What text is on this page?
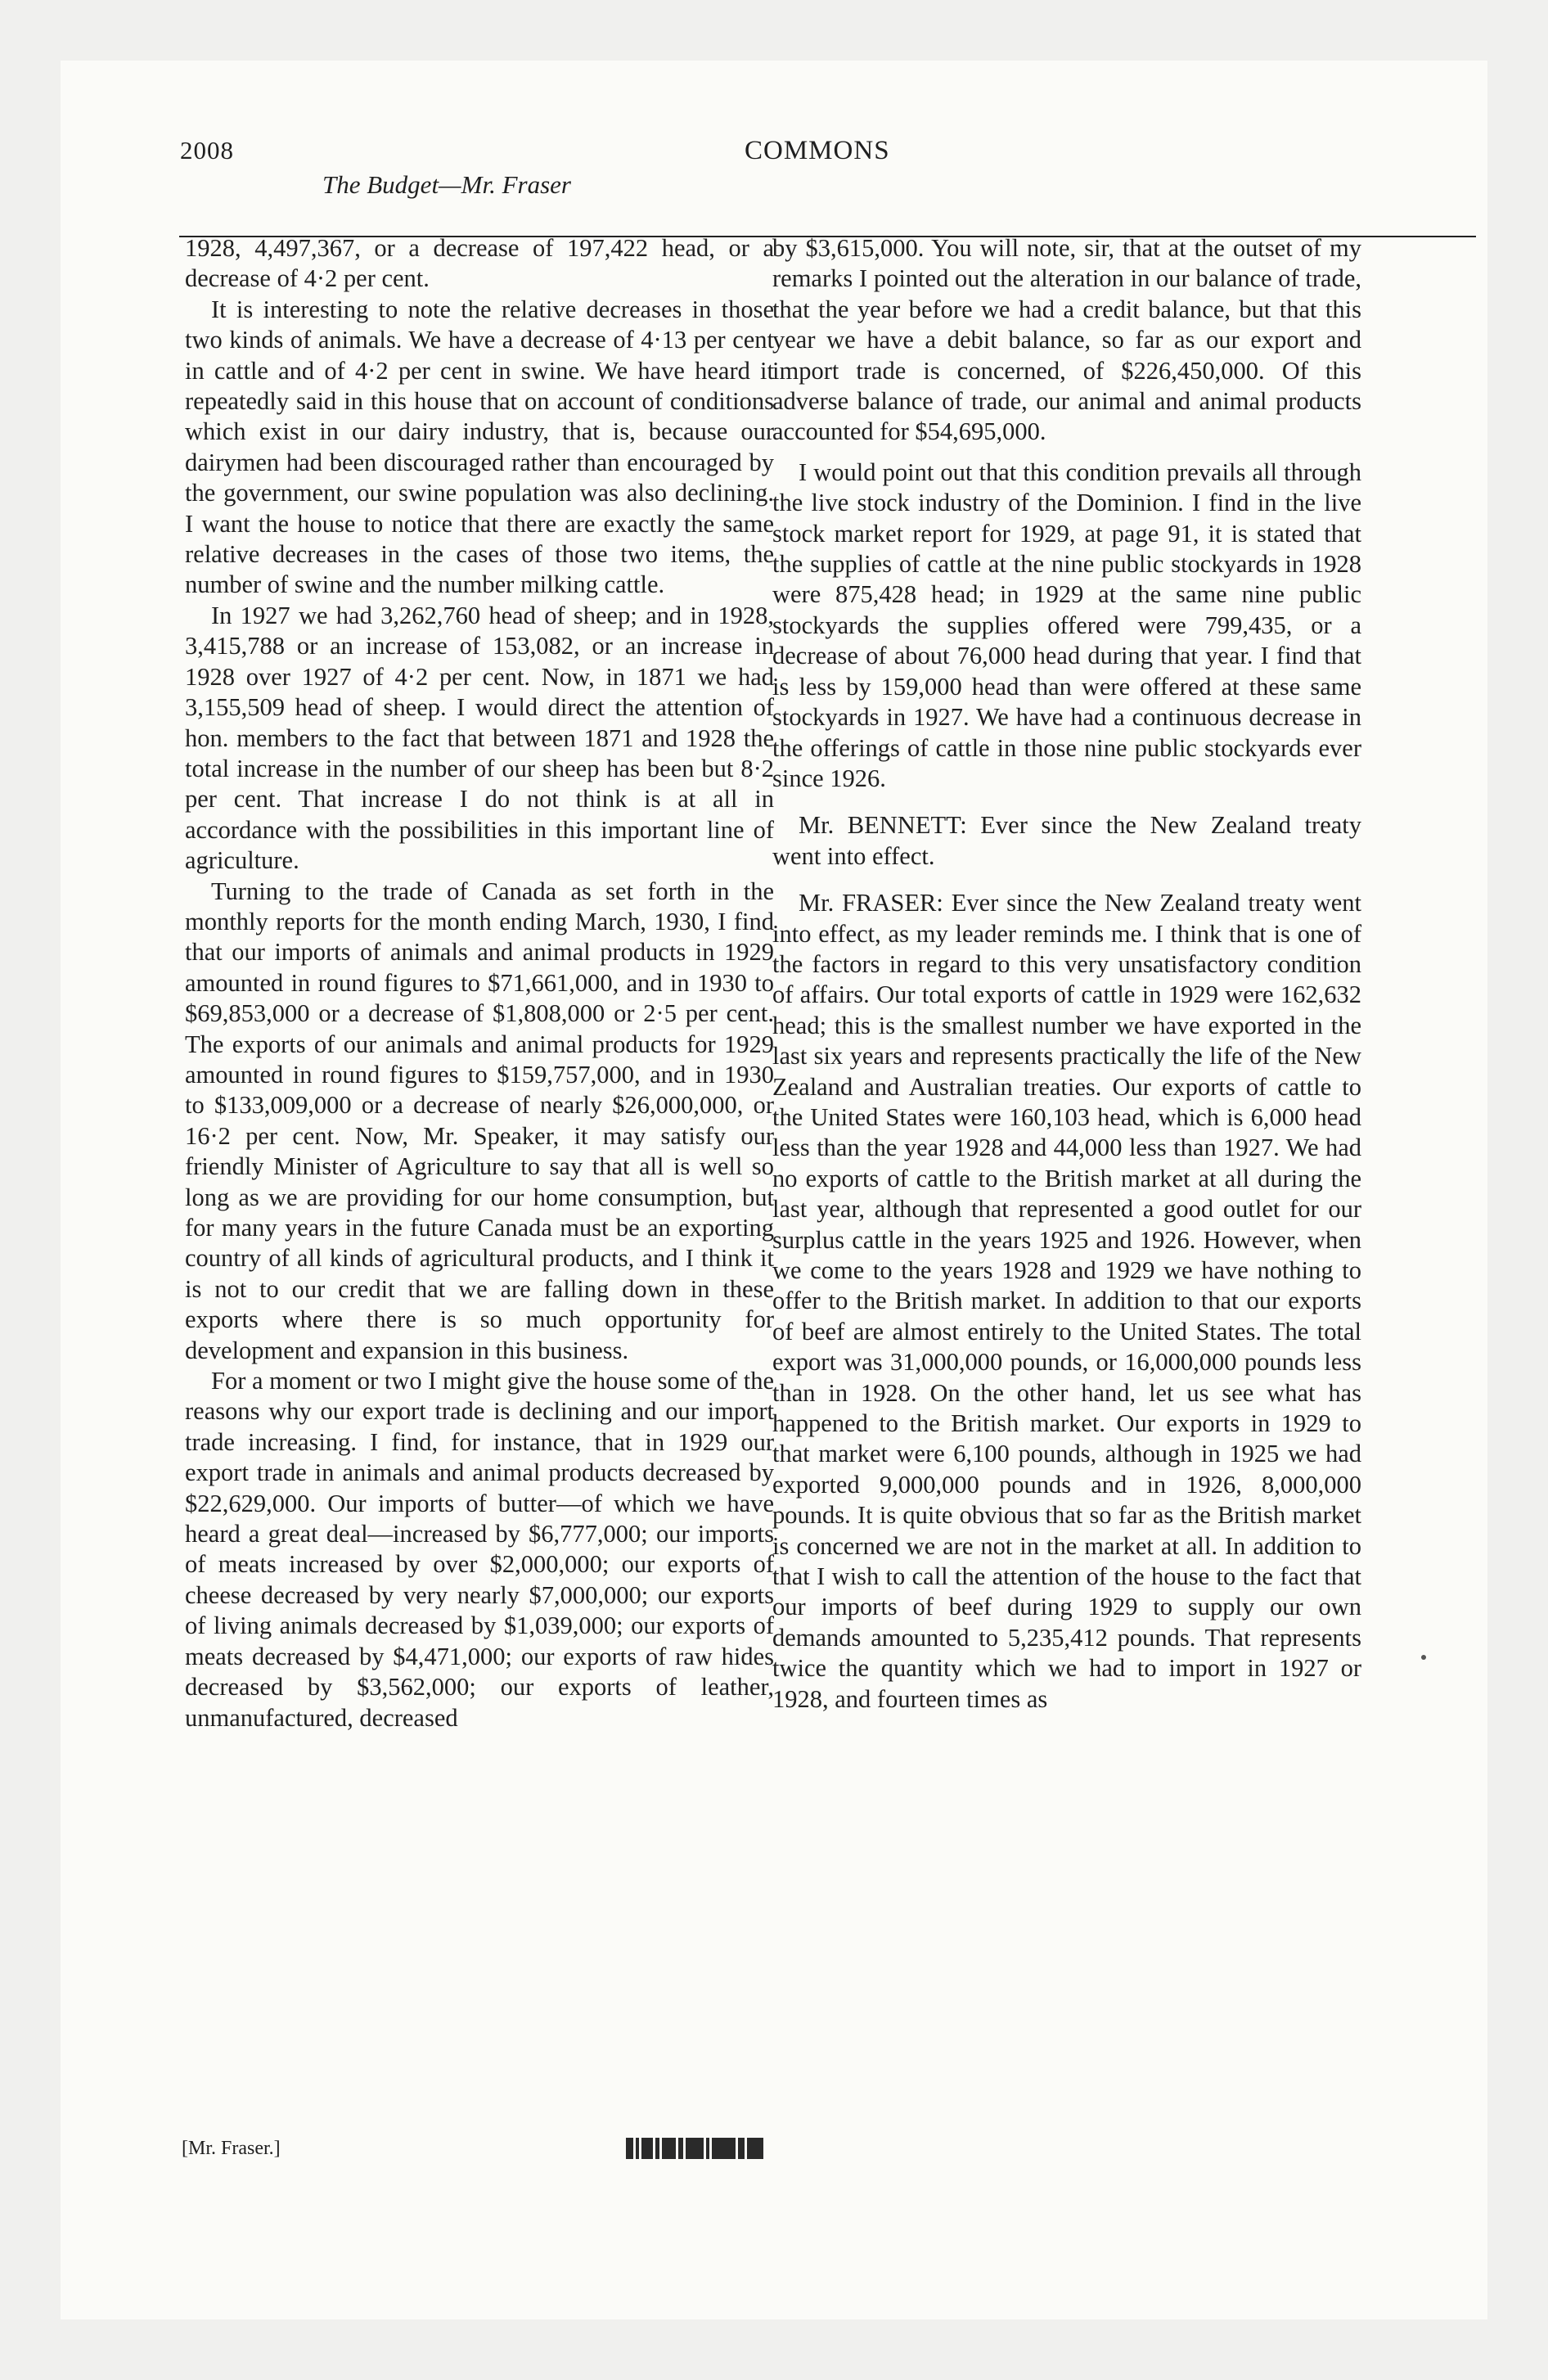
2008
The Budget—Mr. Fraser
COMMONS

1928, 4,497,367, or a decrease of 197,422 head, or a decrease of 4·2 per cent.

It is interesting to note the relative decreases in those two kinds of animals. We have a decrease of 4·13 per cent in cattle and of 4·2 per cent in swine. We have heard it repeatedly said in this house that on account of conditions which exist in our dairy industry, that is, because our dairymen had been discouraged rather than encouraged by the government, our swine population was also declining. I want the house to notice that there are exactly the same relative decreases in the cases of those two items, the number of swine and the number milking cattle.

In 1927 we had 3,262,760 head of sheep; and in 1928, 3,415,788 or an increase of 153,082, or an increase in 1928 over 1927 of 4·2 per cent. Now, in 1871 we had 3,155,509 head of sheep. I would direct the attention of hon. members to the fact that between 1871 and 1928 the total increase in the number of our sheep has been but 8·2 per cent. That increase I do not think is at all in accordance with the possibilities in this important line of agriculture.

Turning to the trade of Canada as set forth in the monthly reports for the month ending March, 1930, I find that our imports of animals and animal products in 1929 amounted in round figures to $71,661,000, and in 1930 to $69,853,000 or a decrease of $1,808,000 or 2·5 per cent. The exports of our animals and animal products for 1929 amounted in round figures to $159,757,000, and in 1930 to $133,009,000 or a decrease of nearly $26,000,000, or 16·2 per cent. Now, Mr. Speaker, it may satisfy our friendly Minister of Agriculture to say that all is well so long as we are providing for our home consumption, but for many years in the future Canada must be an exporting country of all kinds of agricultural products, and I think it is not to our credit that we are falling down in these exports where there is so much opportunity for development and expansion in this business.

For a moment or two I might give the house some of the reasons why our export trade is declining and our import trade increasing. I find, for instance, that in 1929 our export trade in animals and animal products decreased by $22,629,000. Our imports of butter—of which we have heard a great deal—increased by $6,777,000; our imports of meats increased by over $2,000,000; our exports of cheese decreased by very nearly $7,000,000; our exports of living animals decreased by $1,039,000; our exports of meats decreased by $4,471,000; our exports of raw hides decreased by $3,562,000; our exports of leather, unmanufactured, decreased

by $3,615,000. You will note, sir, that at the outset of my remarks I pointed out the alteration in our balance of trade, that the year before we had a credit balance, but that this year we have a debit balance, so far as our export and import trade is concerned, of $226,450,000. Of this adverse balance of trade, our animal and animal products accounted for $54,695,000.

I would point out that this condition prevails all through the live stock industry of the Dominion. I find in the live stock market report for 1929, at page 91, it is stated that the supplies of cattle at the nine public stockyards in 1928 were 875,428 head; in 1929 at the same nine public stockyards the supplies offered were 799,435, or a decrease of about 76,000 head during that year. I find that is less by 159,000 head than were offered at these same stockyards in 1927. We have had a continuous decrease in the offerings of cattle in those nine public stockyards ever since 1926.

Mr. BENNETT: Ever since the New Zealand treaty went into effect.

Mr. FRASER: Ever since the New Zealand treaty went into effect, as my leader reminds me. I think that is one of the factors in regard to this very unsatisfactory condition of affairs. Our total exports of cattle in 1929 were 162,632 head; this is the smallest number we have exported in the last six years and represents practically the life of the New Zealand and Australian treaties. Our exports of cattle to the United States were 160,103 head, which is 6,000 head less than the year 1928 and 44,000 less than 1927. We had no exports of cattle to the British market at all during the last year, although that represented a good outlet for our surplus cattle in the years 1925 and 1926. However, when we come to the years 1928 and 1929 we have nothing to offer to the British market. In addition to that our exports of beef are almost entirely to the United States. The total export was 31,000,000 pounds, or 16,000,000 pounds less than in 1928. On the other hand, let us see what has happened to the British market. Our exports in 1929 to that market were 6,100 pounds, although in 1925 we had exported 9,000,000 pounds and in 1926, 8,000,000 pounds. It is quite obvious that so far as the British market is concerned we are not in the market at all. In addition to that I wish to call the attention of the house to the fact that our imports of beef during 1929 to supply our own demands amounted to 5,235,412 pounds. That represents twice the quantity which we had to import in 1927 or 1928, and fourteen times as

[Mr. Fraser.]
